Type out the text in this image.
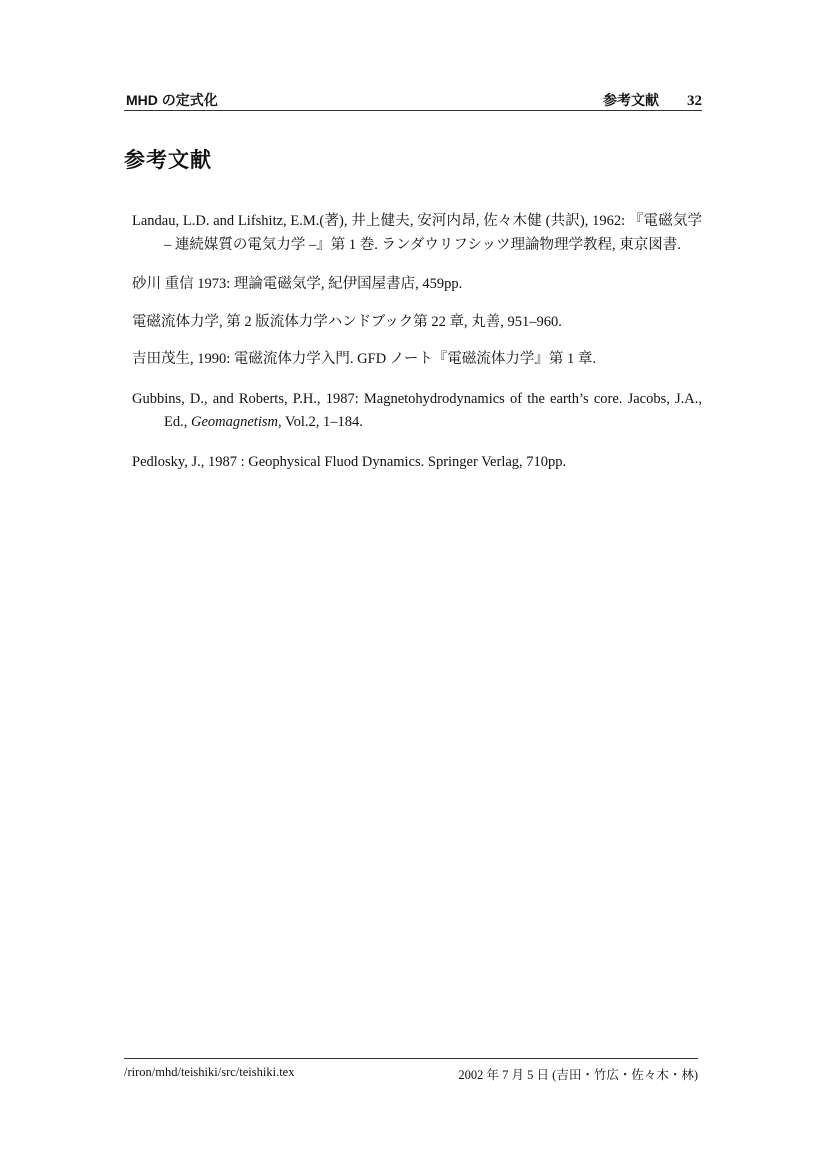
MHD の定式化	参考文献 32
参考文献

Landau, L.D. and Lifshitz, E.M.(著), 井上健夫, 安河内昂, 佐々木健 (共訳), 1962: 『電磁気学 – 連続媒質の電気力学 –』第 1 巻. ランダウリフシッツ理論物理学教程, 東京図書.

砂川 重信 1973: 理論電磁気学, 紀伊国屋書店, 459pp.

電磁流体力学, 第 2 版流体力学ハンドブック第 22 章, 丸善, 951–960.

吉田茂生, 1990: 電磁流体力学入門. GFD ノート『電磁流体力学』第 1 章.

Gubbins, D., and Roberts, P.H., 1987: Magnetohydrodynamics of the earth’s core. Jacobs, J.A., Ed., Geomagnetism, Vol.2, 1–184.

Pedlosky, J., 1987 : Geophysical Fluod Dynamics. Springer Verlag, 710pp.

/riron/mhd/teishiki/src/teishiki.tex	2002 年 7 月 5 日 (吉田・竹広・佐々木・林)
